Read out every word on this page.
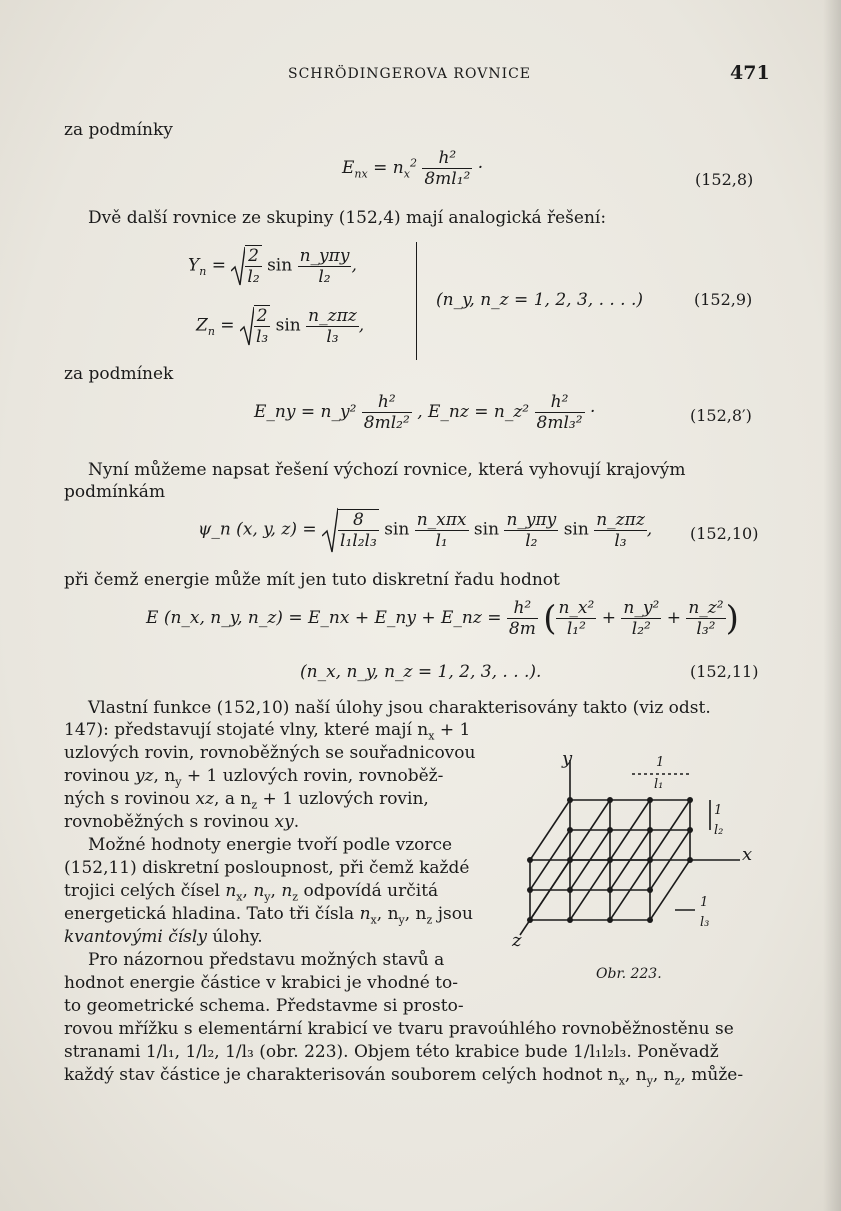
SCHRÖDINGEROVA ROVNICE	471
za podmínky
$E_{nx} = n_x^2 \frac{\text{h²}}{\text{8ml₁²}}$ ·
(152,8)
Dvě další rovnice ze skupiny (152,4) mají analogická řešení:
$Y_n = \frac{2}{\text{l₂}}$ $\sin \frac{\text{n\_yπy}}{\text{l₂}}$ ,
$Z_n = \frac{2}{\text{l₃}}$ $\sin \frac{\text{n\_zπz}}{\text{l₃}}$ ,
(n_y, n_z = 1, 2, 3, . . . .)	(152,9)
za podmínek
E_ny = n_y² $\frac{\text{h²}}{\text{8ml₂²}}$ , E_nz = n_z² $\frac{\text{h²}}{\text{8ml₃²}}$ ·	(152,8′)
Nyní můžeme napsat řešení výchozí rovnice, která vyhovují krajovým
podmínkám
ψ_n (x, y, $z) = \frac{8}{\text{l₁l₂l₃}}$ $\sin \frac{\text{n\_xπx}}{\text{l₁}}$ $\sin \frac{\text{n\_yπy}}{\text{l₂}}$ $\sin \frac{\text{n\_zπz}}{\text{l₃}}$ , (152,10)
při čemž energie může mít jen tuto diskretní řadu hodnot
E (n_x, n_y, n_z) = E_nx + E_ny + E_nz = $\frac{\text{h²}}{8m}$ ( $\frac{\text{n\_x²}}{\text{l₁²}} + \frac{\text{n\_y²}}{\text{l₂²}} + \frac{\text{n\_z²}}{\text{l₃²}}$ )
(n_x, n_y, n_z = 1, 2, 3, . . .).	(152,11)
Vlastní funkce (152,10) naší úlohy jsou charakterisovány takto (viz odst.
147): představují stojaté vlny, které mají $n_x + 1$
uzlových rovin, rovnoběžných se souřadnicovou
rovinou yz, $n_y + 1$ uzlových rovin, rovnoběž-
ných s rovinou xz, a $n_z + 1$ uzlových rovin,
rovnoběžných s rovinou xy.
Možné hodnoty energie tvoří podle vzorce
(152,11) diskretní posloupnost, při čemž každé
trojici celých čísel $n_x$, $n_y$, $n_z$ odpovídá určitá
energetická hladina. Tato tři čísla $n_x$, $n_y$, $n_z$ jsou
kvantovými čísly úlohy.
Pro názornou představu možných stavů a
hodnot energie částice v krabici je vhodné to-
to geometrické schema. Představme si prosto-
rovou mřížku s elementární krabicí ve tvaru pravoúhlého rovnoběžnostěnu se
stranami 1/l₁, 1/l₂, 1/l₃ (obr. 223). Objem této krabice bude 1/l₁l₂l₃. Poněvadž
každý stav částice je charakterisován souborem celých hodnot $n_x$, $n_y$, $n_z$, může-
y
x
z
1
l₁
1
l₂
1
l₃
Obr. 223.
